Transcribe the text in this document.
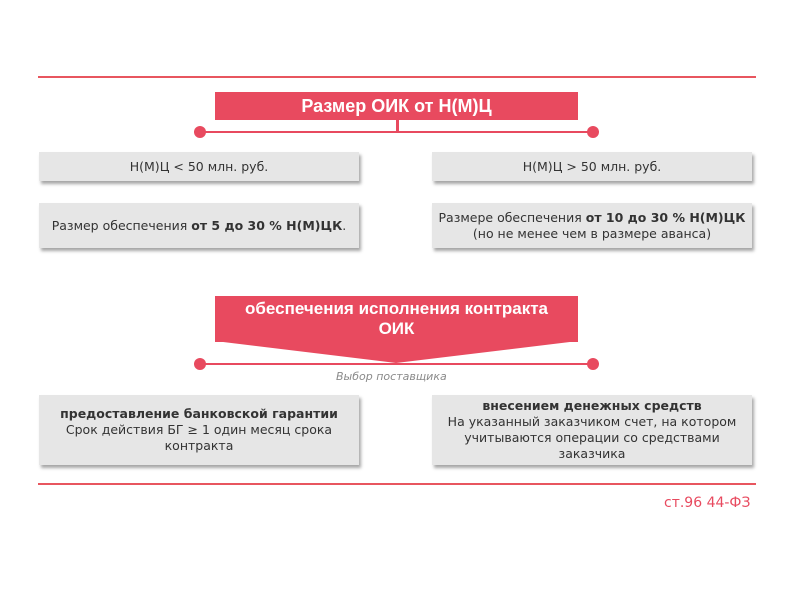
Размер ОИК от Н(М)Ц
Н(М)Ц < 50 млн. руб.	Н(М)Ц > 50 млн. руб.
Размер обеспечения от 5 до 30 % Н(М)ЦК.
Размере обеспечения от 10 до 30 % Н(М)ЦК
(но не менее чем в размере аванса)
обеспечения исполнения контракта
ОИК
Выбор поставщика
предоставление банковской гарантии
Срок действия БГ ≥ 1 один месяц срока контракта
внесением денежных средств
На указанный заказчиком счет, на котором учитываются операции со средствами заказчика
ст.96 44-ФЗ
